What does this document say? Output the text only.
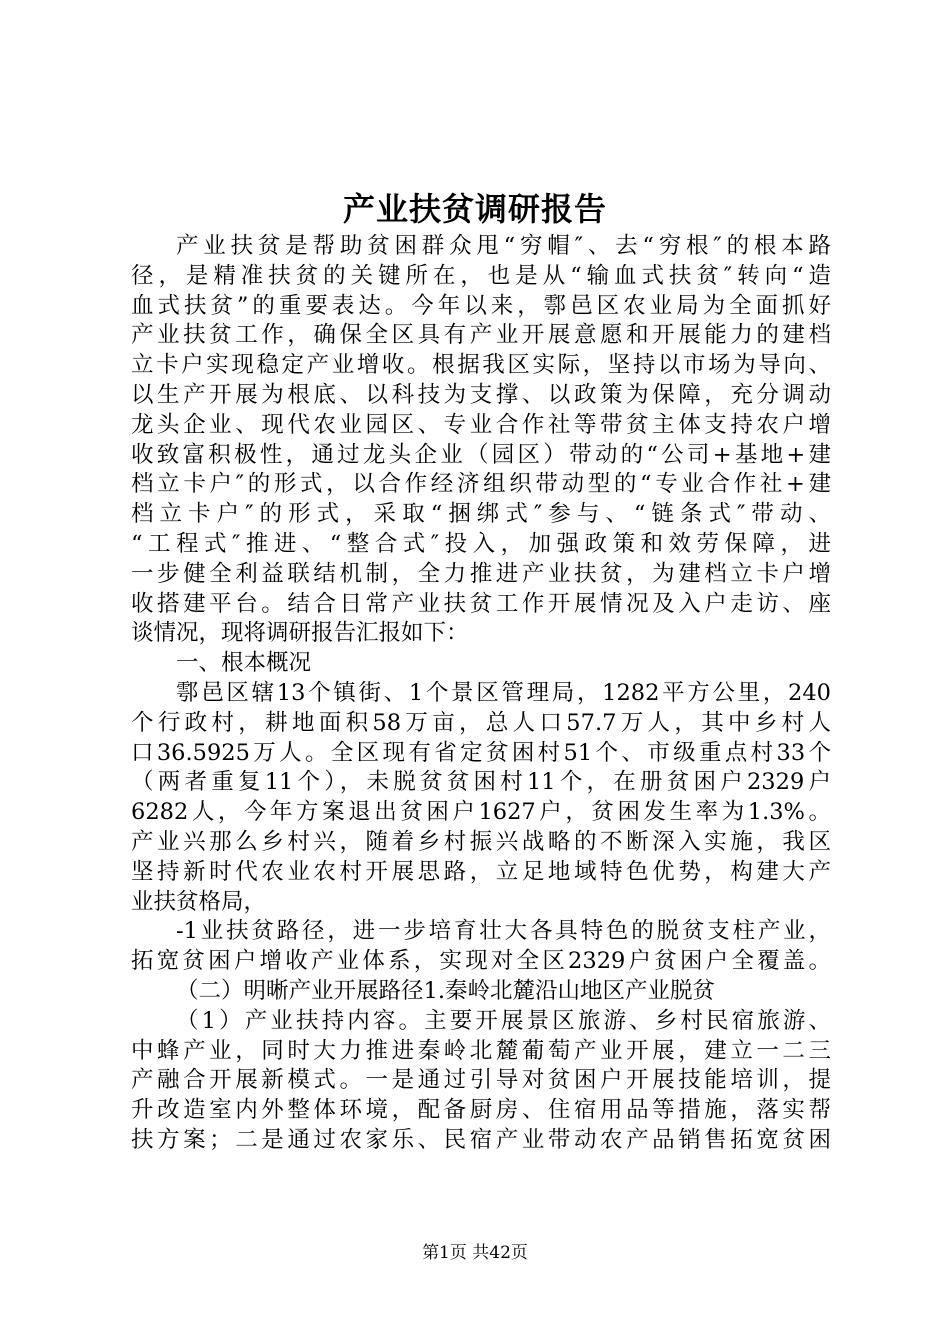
产业扶贫调研报告
产业扶贫是帮助贫困群众甩“穷帽″、去“穷根″的根本路
径，是精准扶贫的关键所在，也是从“输血式扶贫″转向“造
血式扶贫”的重要表达。今年以来，鄠邑区农业局为全面抓好
产业扶贫工作，确保全区具有产业开展意愿和开展能力的建档
立卡户实现稳定产业增收。根据我区实际，坚持以市场为导向、
以生产开展为根底、以科技为支撑、以政策为保障，充分调动
龙头企业、现代农业园区、专业合作社等带贫主体支持农户增
收致富积极性，通过龙头企业（园区）带动的“公司+基地+建
档立卡户″的形式，以合作经济组织带动型的“专业合作社+建
档立卡户″的形式，采取“捆绑式″参与、“链条式″带动、
“工程式″推进、“整合式″投入，加强政策和效劳保障，进
一步健全利益联结机制，全力推进产业扶贫，为建档立卡户增
收搭建平台。结合日常产业扶贫工作开展情况及入户走访、座
谈情况，现将调研报告汇报如下：
一、根本概况
鄠邑区辖13个镇街、1个景区管理局，1282平方公里，240
个行政村，耕地面积58万亩，总人口57.7万人，其中乡村人
口36.5925万人。全区现有省定贫困村51个、市级重点村33个
（两者重复11个），未脱贫贫困村11个，在册贫困户2329户
6282人，今年方案退出贫困户1627户，贫困发生率为1.3%。
产业兴那么乡村兴，随着乡村振兴战略的不断深入实施，我区
坚持新时代农业农村开展思路，立足地域特色优势，构建大产
业扶贫格局，
-1业扶贫路径，进一步培育壮大各具特色的脱贫支柱产业，
拓宽贫困户增收产业体系，实现对全区2329户贫困户全覆盖。
（二）明晰产业开展路径1.秦岭北麓沿山地区产业脱贫
（1）产业扶持内容。主要开展景区旅游、乡村民宿旅游、
中蜂产业，同时大力推进秦岭北麓葡萄产业开展，建立一二三
产融合开展新模式。一是通过引导对贫困户开展技能培训，提
升改造室内外整体环境，配备厨房、住宿用品等措施，落实帮
扶方案；二是通过农家乐、民宿产业带动农产品销售拓宽贫困
第1页 共42页
